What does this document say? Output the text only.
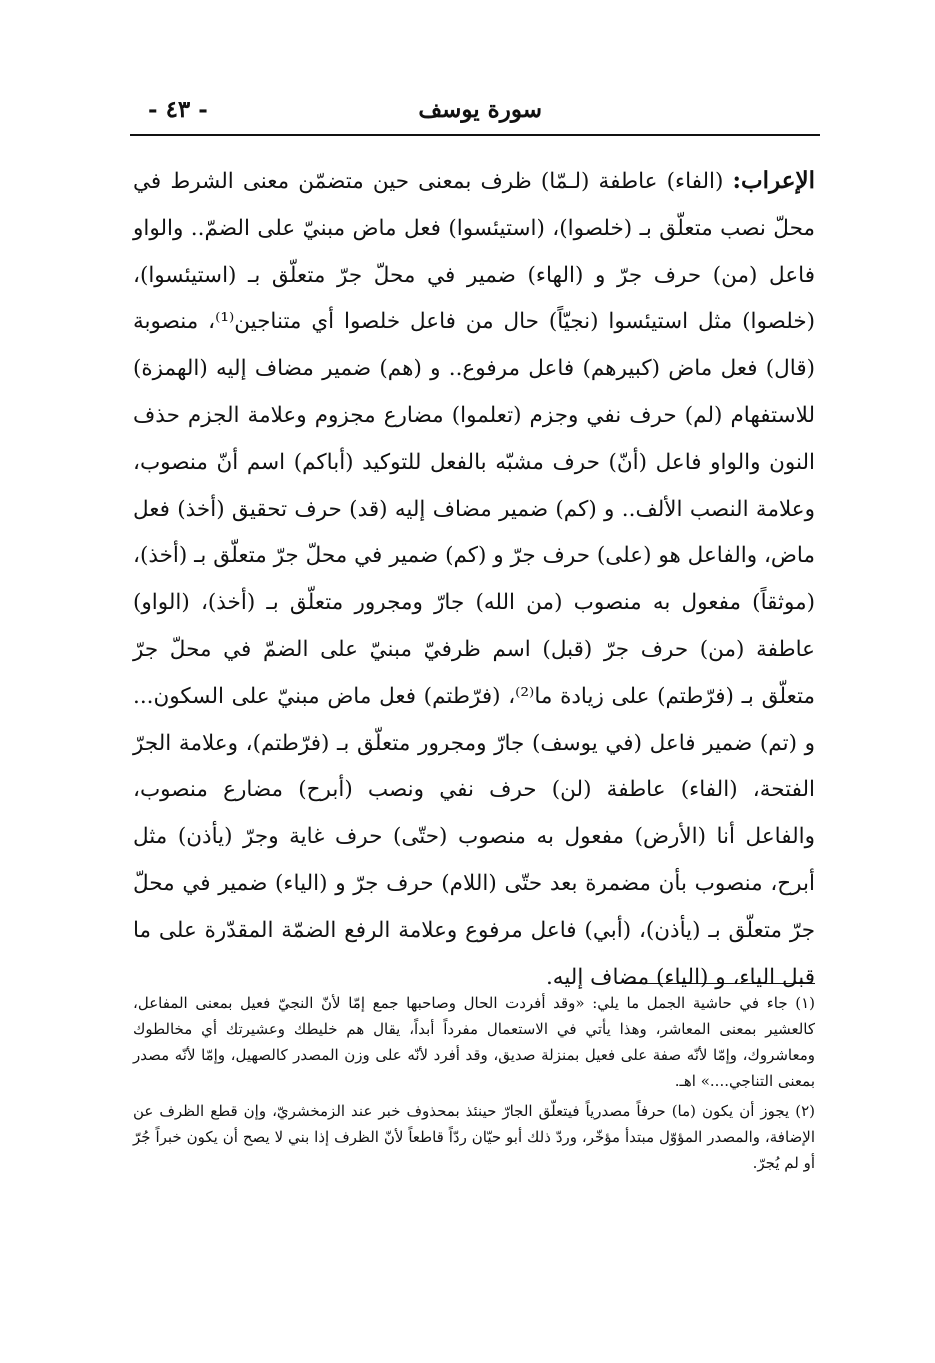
سورة يوسف
- ٤٣ -

الإعراب: (الفاء) عاطفة (لـمّا) ظرف بمعنى حين متضمّن معنى الشرط في محلّ نصب متعلّق بـ (خلصوا)، (استيئسوا) فعل ماض مبنيّ على الضمّ.. والواو فاعل (من) حرف جرّ و (الهاء) ضمير في محلّ جرّ متعلّق بـ (استيئسوا)، (خلصوا) مثل استيئسوا (نجيّاً) حال من فاعل خلصوا أي متناجين⁽¹⁾، منصوبة (قال) فعل ماض (كبيرهم) فاعل مرفوع.. و (هم) ضمير مضاف إليه (الهمزة) للاستفهام (لم) حرف نفي وجزم (تعلموا) مضارع مجزوم وعلامة الجزم حذف النون والواو فاعل (أنّ) حرف مشبّه بالفعل للتوكيد (أباكم) اسم أنّ منصوب، وعلامة النصب الألف.. و (كم) ضمير مضاف إليه (قد) حرف تحقيق (أخذ) فعل ماض، والفاعل هو (على) حرف جرّ و (كم) ضمير في محلّ جرّ متعلّق بـ (أخذ)، (موثقاً) مفعول به منصوب (من الله) جارّ ومجرور متعلّق بـ (أخذ)، (الواو) عاطفة (من) حرف جرّ (قبل) اسم ظرفيّ مبنيّ على الضمّ في محلّ جرّ متعلّق بـ (فرّطتم) على زيادة ما⁽²⁾، (فرّطتم) فعل ماض مبنيّ على السكون... و (تم) ضمير فاعل (في يوسف) جارّ ومجرور متعلّق بـ (فرّطتم)، وعلامة الجرّ الفتحة، (الفاء) عاطفة (لن) حرف نفي ونصب (أبرح) مضارع منصوب، والفاعل أنا (الأرض) مفعول به منصوب (حتّى) حرف غاية وجرّ (يأذن) مثل أبرح، منصوب بأن مضمرة بعد حتّى (اللام) حرف جرّ و (الياء) ضمير في محلّ جرّ متعلّق بـ (يأذن)، (أبي) فاعل مرفوع وعلامة الرفع الضمّة المقدّرة على ما قبل الياء، و (الياء) مضاف إليه.

(١) جاء في حاشية الجمل ما يلي: «وقد أفردت الحال وصاحبها جمع إمّا لأنّ النجيّ فعيل بمعنى المفاعل، كالعشير بمعنى المعاشر، وهذا يأتي في الاستعمال مفرداً أبداً، يقال هم خليطك وعشيرتك أي مخالطوك ومعاشروك، وإمّا لأنّه صفة على فعيل بمنزلة صديق، وقد أفرد لأنّه على وزن المصدر كالصهيل، وإمّا لأنّه مصدر بمعنى التناجي....» اهـ.

(٢) يجوز أن يكون (ما) حرفاً مصدرياً فيتعلّق الجارّ حينئذ بمحذوف خبر عند الزمخشريّ، وإن قطع الظرف عن الإضافة، والمصدر المؤوّل مبتدأ مؤخّر، وردّ ذلك أبو حيّان ردّاً قاطعاً لأنّ الظرف إذا بني لا يصح أن يكون خبراً جُرّ أو لم يُجرّ.
